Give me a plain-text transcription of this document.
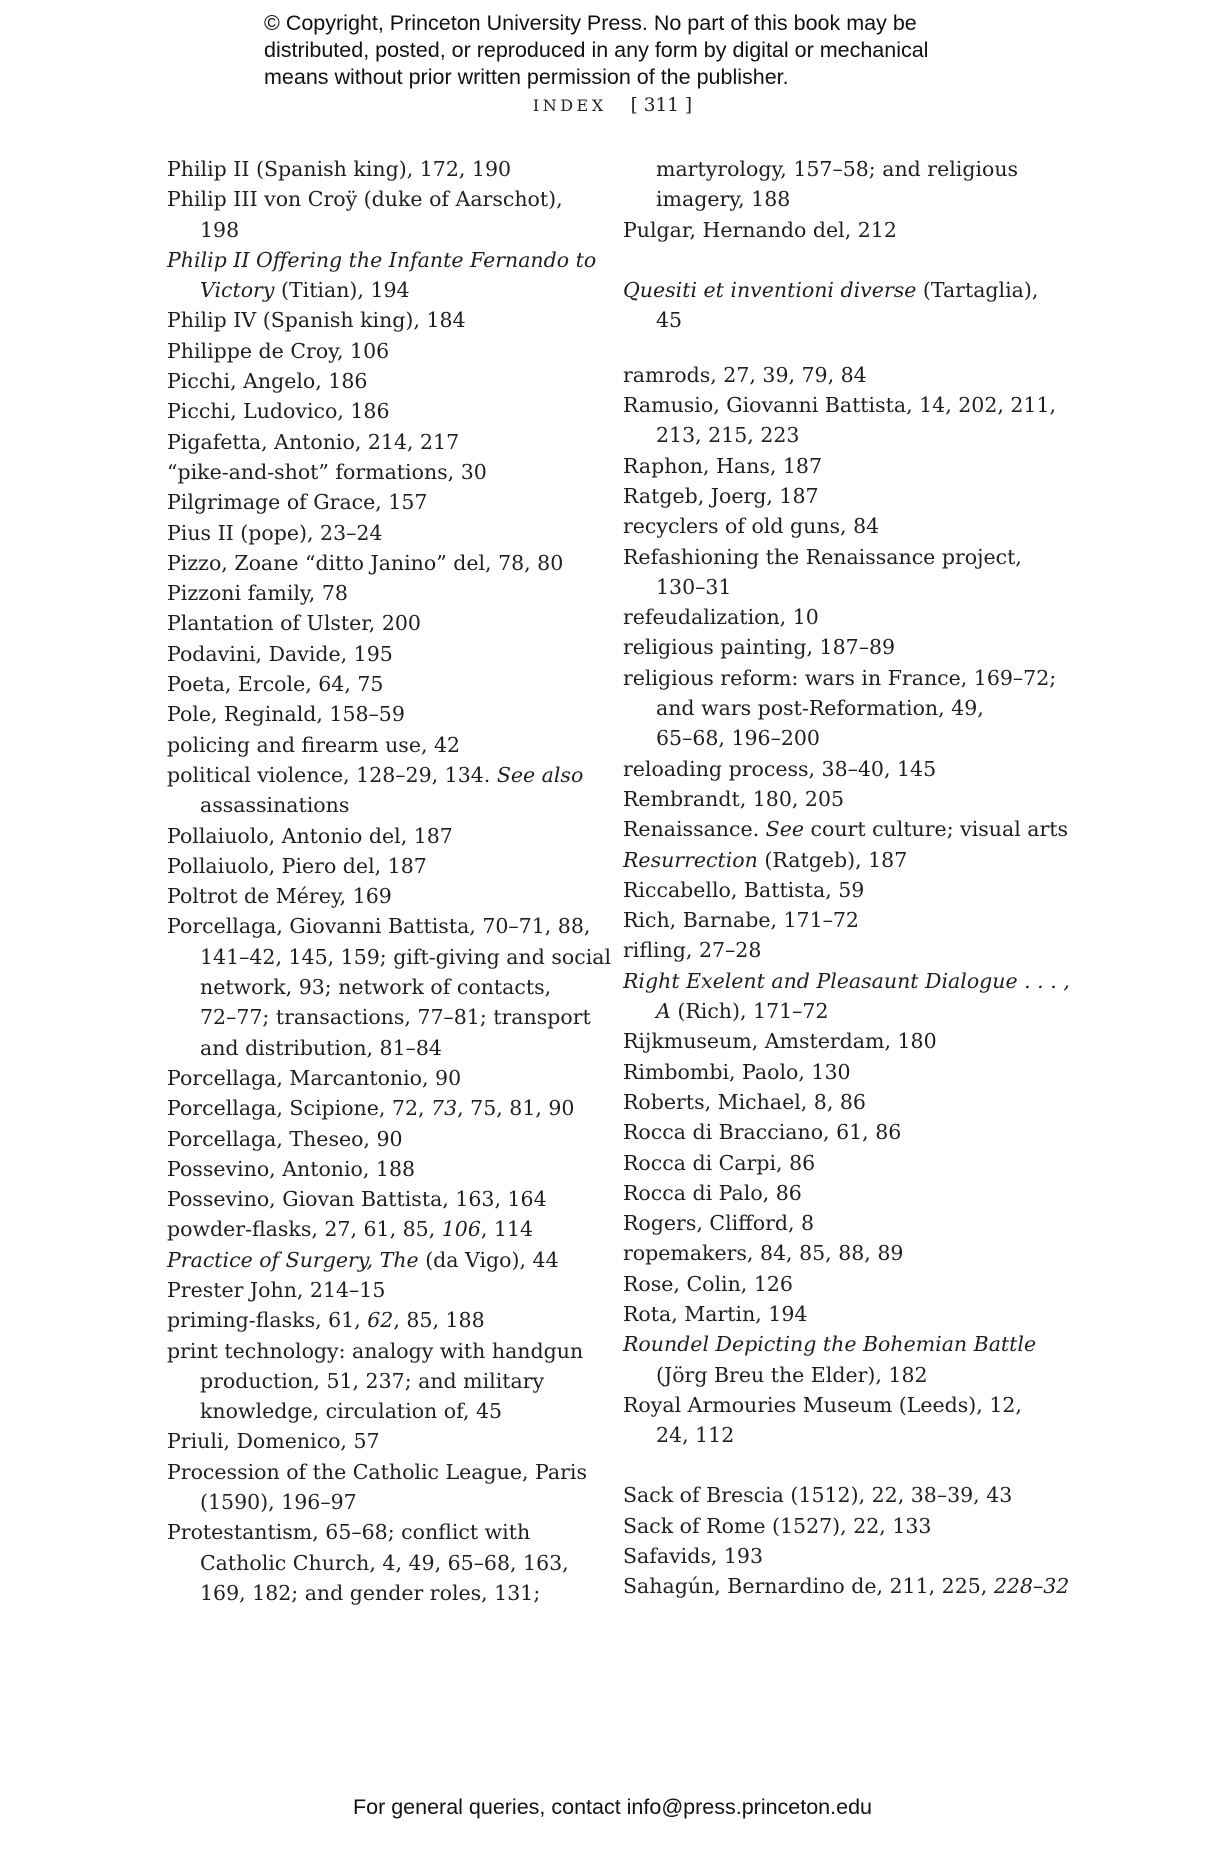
© Copyright, Princeton University Press. No part of this book may be
distributed, posted, or reproduced in any form by digital or mechanical
means without prior written permission of the publisher.
INDEX [ 311 ]

Philip II (Spanish king), 172, 190

Philip III von Croÿ (duke of Aarschot),

198

Philip II Offering the Infante Fernando to

Victory (Titian), 194

Philip IV (Spanish king), 184

Philippe de Croy, 106

Picchi, Angelo, 186

Picchi, Ludovico, 186

Pigafetta, Antonio, 214, 217

“pike-and-shot” formations, 30

Pilgrimage of Grace, 157

Pius II (pope), 23–24

Pizzo, Zoane “ditto Janino” del, 78, 80

Pizzoni family, 78

Plantation of Ulster, 200

Podavini, Davide, 195

Poeta, Ercole, 64, 75

Pole, Reginald, 158–59

policing and firearm use, 42

political violence, 128–29, 134. See also

assassinations

Pollaiuolo, Antonio del, 187

Pollaiuolo, Piero del, 187

Poltrot de Mérey, 169

Porcellaga, Giovanni Battista, 70–71, 88,

141–42, 145, 159; gift-giving and social

network, 93; network of contacts,

72–77; transactions, 77–81; transport

and distribution, 81–84

Porcellaga, Marcantonio, 90

Porcellaga, Scipione, 72, 73, 75, 81, 90

Porcellaga, Theseo, 90

Possevino, Antonio, 188

Possevino, Giovan Battista, 163, 164

powder-flasks, 27, 61, 85, 106, 114

Practice of Surgery, The (da Vigo), 44

Prester John, 214–15

priming-flasks, 61, 62, 85, 188

print technology: analogy with handgun

production, 51, 237; and military

knowledge, circulation of, 45

Priuli, Domenico, 57

Procession of the Catholic League, Paris

(1590), 196–97

Protestantism, 65–68; conflict with

Catholic Church, 4, 49, 65–68, 163,

169, 182; and gender roles, 131;

martyrology, 157–58; and religious

imagery, 188

Pulgar, Hernando del, 212

Quesiti et inventioni diverse (Tartaglia),

45

ramrods, 27, 39, 79, 84

Ramusio, Giovanni Battista, 14, 202, 211,

213, 215, 223

Raphon, Hans, 187

Ratgeb, Joerg, 187

recyclers of old guns, 84

Refashioning the Renaissance project,

130–31

refeudalization, 10

religious painting, 187–89

religious reform: wars in France, 169–72;

and wars post-Reformation, 49,

65–68, 196–200

reloading process, 38–40, 145

Rembrandt, 180, 205

Renaissance. See court culture; visual arts

Resurrection (Ratgeb), 187

Riccabello, Battista, 59

Rich, Barnabe, 171–72

rifling, 27–28

Right Exelent and Pleasaunt Dialogue . . . ,

A (Rich), 171–72

Rijkmuseum, Amsterdam, 180

Rimbombi, Paolo, 130

Roberts, Michael, 8, 86

Rocca di Bracciano, 61, 86

Rocca di Carpi, 86

Rocca di Palo, 86

Rogers, Clifford, 8

ropemakers, 84, 85, 88, 89

Rose, Colin, 126

Rota, Martin, 194

Roundel Depicting the Bohemian Battle

(Jörg Breu the Elder), 182

Royal Armouries Museum (Leeds), 12,

24, 112

Sack of Brescia (1512), 22, 38–39, 43

Sack of Rome (1527), 22, 133

Safavids, 193

Sahagún, Bernardino de, 211, 225, 228–32

For general queries, contact info@press.princeton.edu
